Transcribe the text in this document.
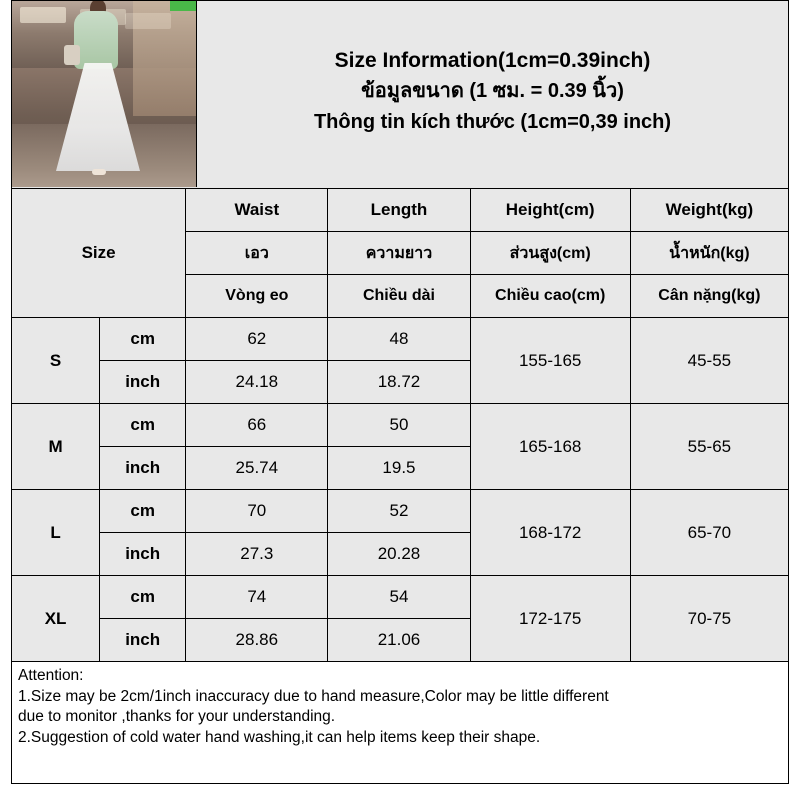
Size Information(1cm=0.39inch)
ข้อมูลขนาด (1 ซม. = 0.39 นิ้ว)
Thông tin kích thước (1cm=0,39 inch)
Size		Waist	Length	Height(cm)	Weight(kg)
		เอว	ความยาว	ส่วนสูง(cm)	น้ำหนัก(kg)
		Vòng eo	Chiều dài	Chiều cao(cm)	Cân nặng(kg)
S	cm	62	48	155-165	45-55
	inch	24.18	18.72		
M	cm	66	50	165-168	55-65
	inch	25.74	19.5		
L	cm	70	52	168-172	65-70
	inch	27.3	20.28		
XL	cm	74	54	172-175	70-75
	inch	28.86	21.06		

Attention:

1.Size may be 2cm/1inch inaccuracy due to hand measure,Color may be little different

due to monitor ,thanks for your understanding.

2.Suggestion of cold water hand washing,it can help items keep their shape.
